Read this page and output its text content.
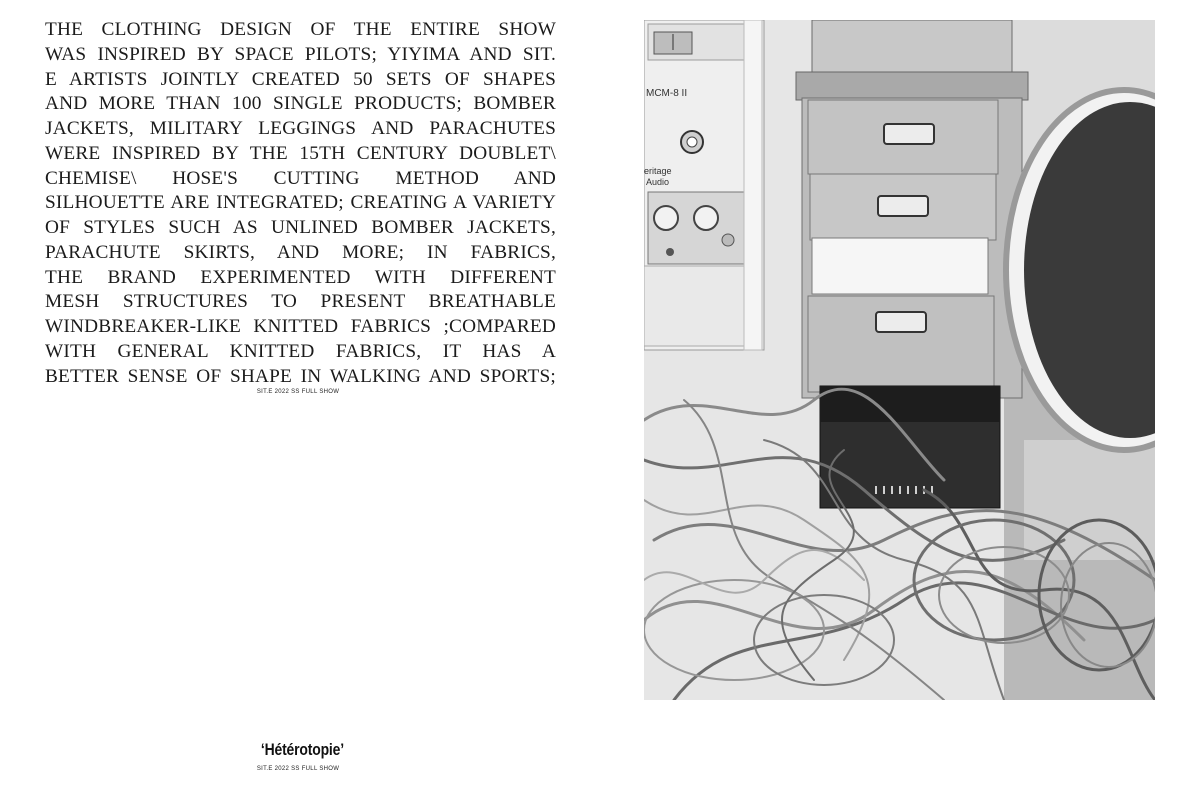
THE CLOTHING DESIGN OF THE ENTIRE SHOW
WAS INSPIRED BY SPACE PILOTS; YIYIMA AND SIT.
E ARTISTS JOINTLY CREATED 50 SETS OF SHAPES
AND MORE THAN 100 SINGLE PRODUCTS; BOMBER
JACKETS, MILITARY LEGGINGS AND PARACHUTES
WERE INSPIRED BY THE 15TH CENTURY DOUBLET\
CHEMISE\ HOSE'S CUTTING METHOD AND
SILHOUETTE ARE INTEGRATED; CREATING A VARIETY
OF STYLES SUCH AS UNLINED BOMBER JACKETS,
PARACHUTE SKIRTS, AND MORE; IN FABRICS,
THE BRAND EXPERIMENTED WITH DIFFERENT
MESH STRUCTURES TO PRESENT BREATHABLE
WINDBREAKER-LIKE KNITTED FABRICS ;COMPARED
WITH GENERAL KNITTED FABRICS, IT HAS A
BETTER SENSE OF SHAPE IN WALKING AND SPORTS;
SIT.E 2022 SS FULL SHOW
‘Hétérotopie’
SIT.E 2022 SS FULL SHOW
MCM-8 II
eritage
Audio
